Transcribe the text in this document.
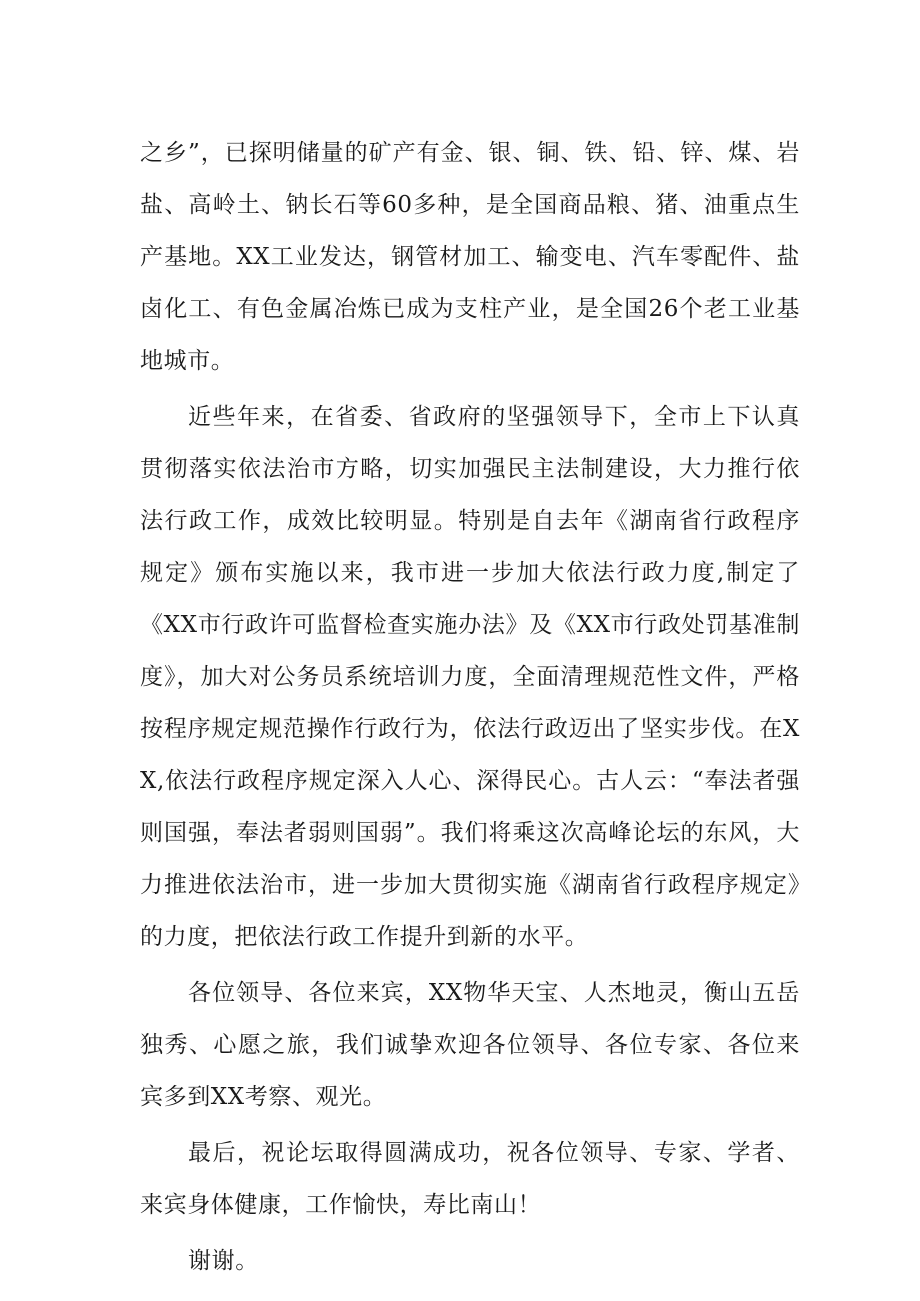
之乡”，已探明储量的矿产有金、银、铜、铁、铅、锌、煤、岩盐、高岭土、钠长石等60多种，是全国商品粮、猪、油重点生产基地。XX工业发达，钢管材加工、输变电、汽车零配件、盐卤化工、有色金属冶炼已成为支柱产业，是全国26个老工业基地城市。

近些年来，在省委、省政府的坚强领导下，全市上下认真贯彻落实依法治市方略，切实加强民主法制建设，大力推行依法行政工作，成效比较明显。特别是自去年《湖南省行政程序规定》颁布实施以来，我市进一步加大依法行政力度,制定了《XX市行政许可监督检查实施办法》及《XX市行政处罚基准制度》，加大对公务员系统培训力度，全面清理规范性文件，严格按程序规定规范操作行政行为，依法行政迈出了坚实步伐。在XX,依法行政程序规定深入人心、深得民心。古人云：“奉法者强则国强，奉法者弱则国弱”。我们将乘这次高峰论坛的东风，大力推进依法治市，进一步加大贯彻实施《湖南省行政程序规定》的力度，把依法行政工作提升到新的水平。

各位领导、各位来宾，XX物华天宝、人杰地灵，衡山五岳独秀、心愿之旅，我们诚挚欢迎各位领导、各位专家、各位来宾多到XX考察、观光。

最后，祝论坛取得圆满成功，祝各位领导、专家、学者、来宾身体健康，工作愉快，寿比南山！

谢谢。
